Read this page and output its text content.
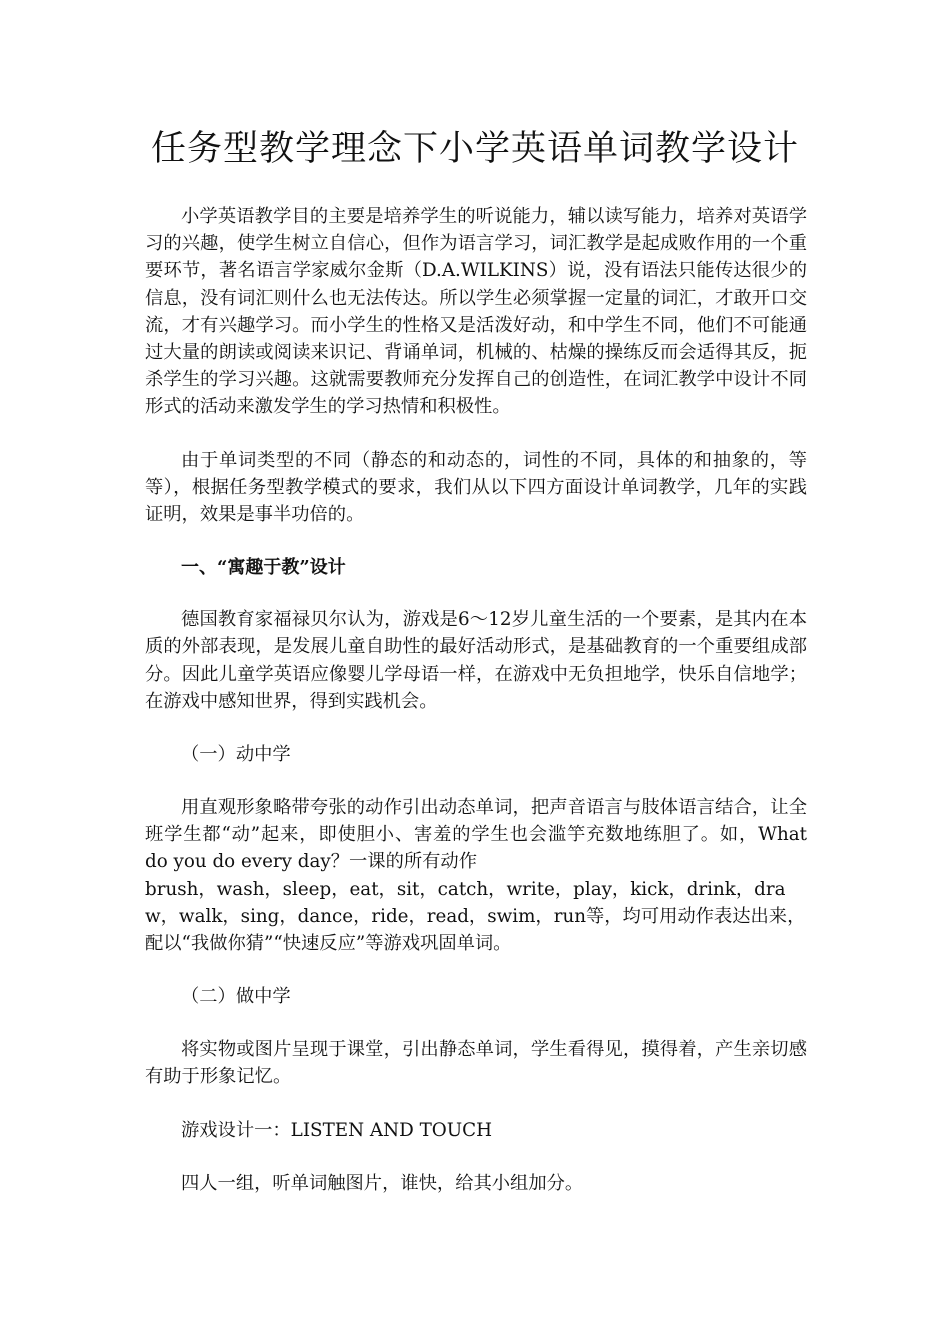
任务型教学理念下小学英语单词教学设计

小学英语教学目的主要是培养学生的听说能力，辅以读写能力，培养对英语学习的兴趣，使学生树立自信心，但作为语言学习，词汇教学是起成败作用的一个重要环节，著名语言学家威尔金斯（D.A.WILKINS）说，没有语法只能传达很少的信息，没有词汇则什么也无法传达。所以学生必须掌握一定量的词汇，才敢开口交流，才有兴趣学习。而小学生的性格又是活泼好动，和中学生不同，他们不可能通过大量的朗读或阅读来识记、背诵单词，机械的、枯燥的操练反而会适得其反，扼杀学生的学习兴趣。这就需要教师充分发挥自己的创造性，在词汇教学中设计不同形式的活动来激发学生的学习热情和积极性。

由于单词类型的不同（静态的和动态的，词性的不同，具体的和抽象的，等等），根据任务型教学模式的要求，我们从以下四方面设计单词教学，几年的实践证明，效果是事半功倍的。

一、“寓趣于教”设计

德国教育家福禄贝尔认为，游戏是6～12岁儿童生活的一个要素，是其内在本质的外部表现，是发展儿童自助性的最好活动形式，是基础教育的一个重要组成部分。因此儿童学英语应像婴儿学母语一样，在游戏中无负担地学，快乐自信地学；在游戏中感知世界，得到实践机会。

（一）动中学

用直观形象略带夸张的动作引出动态单词，把声音语言与肢体语言结合，让全班学生都“动”起来，即使胆小、害羞的学生也会滥竽充数地练胆了。如，What do you do every day？一课的所有动作

brush，wash，sleep，eat，sit，catch，write，play，kick，drink，draw，walk，sing，dance，ride，read，swim，run等，均可用动作表达出来，配以“我做你猜”“快速反应”等游戏巩固单词。

（二）做中学

将实物或图片呈现于课堂，引出静态单词，学生看得见，摸得着，产生亲切感有助于形象记忆。

游戏设计一：LISTEN AND TOUCH

四人一组，听单词触图片，谁快，给其小组加分。
